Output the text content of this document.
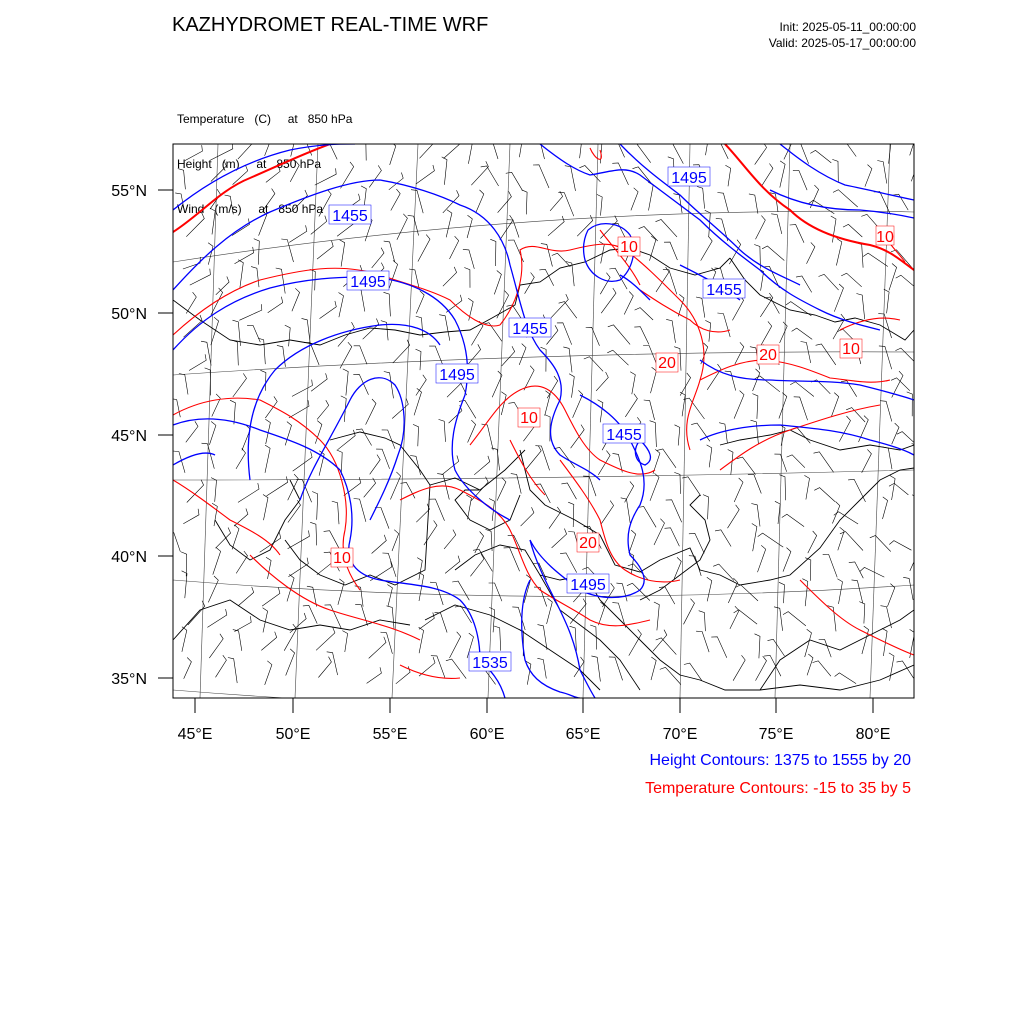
KAZHYDROMET REAL-TIME WRF	Init: 2025-05-11_00:00:00
Valid: 2025-05-17_00:00:00

Temperature   (C)     at   850 hPa

Height   (m)     at   850 hPa

Wind   (m/s)     at   850 hPa

55°N
50°N
45°N
40°N
35°N
45°E	50°E	55°E	60°E	65°E	70°E	75°E	80°E
1495
1455
1495	1455
1455
1495
1455
1495
1535
10
10
20
20
10
10
10
20
Height Contours: 1375 to 1555 by 20
Temperature Contours: -15 to 35 by 5
